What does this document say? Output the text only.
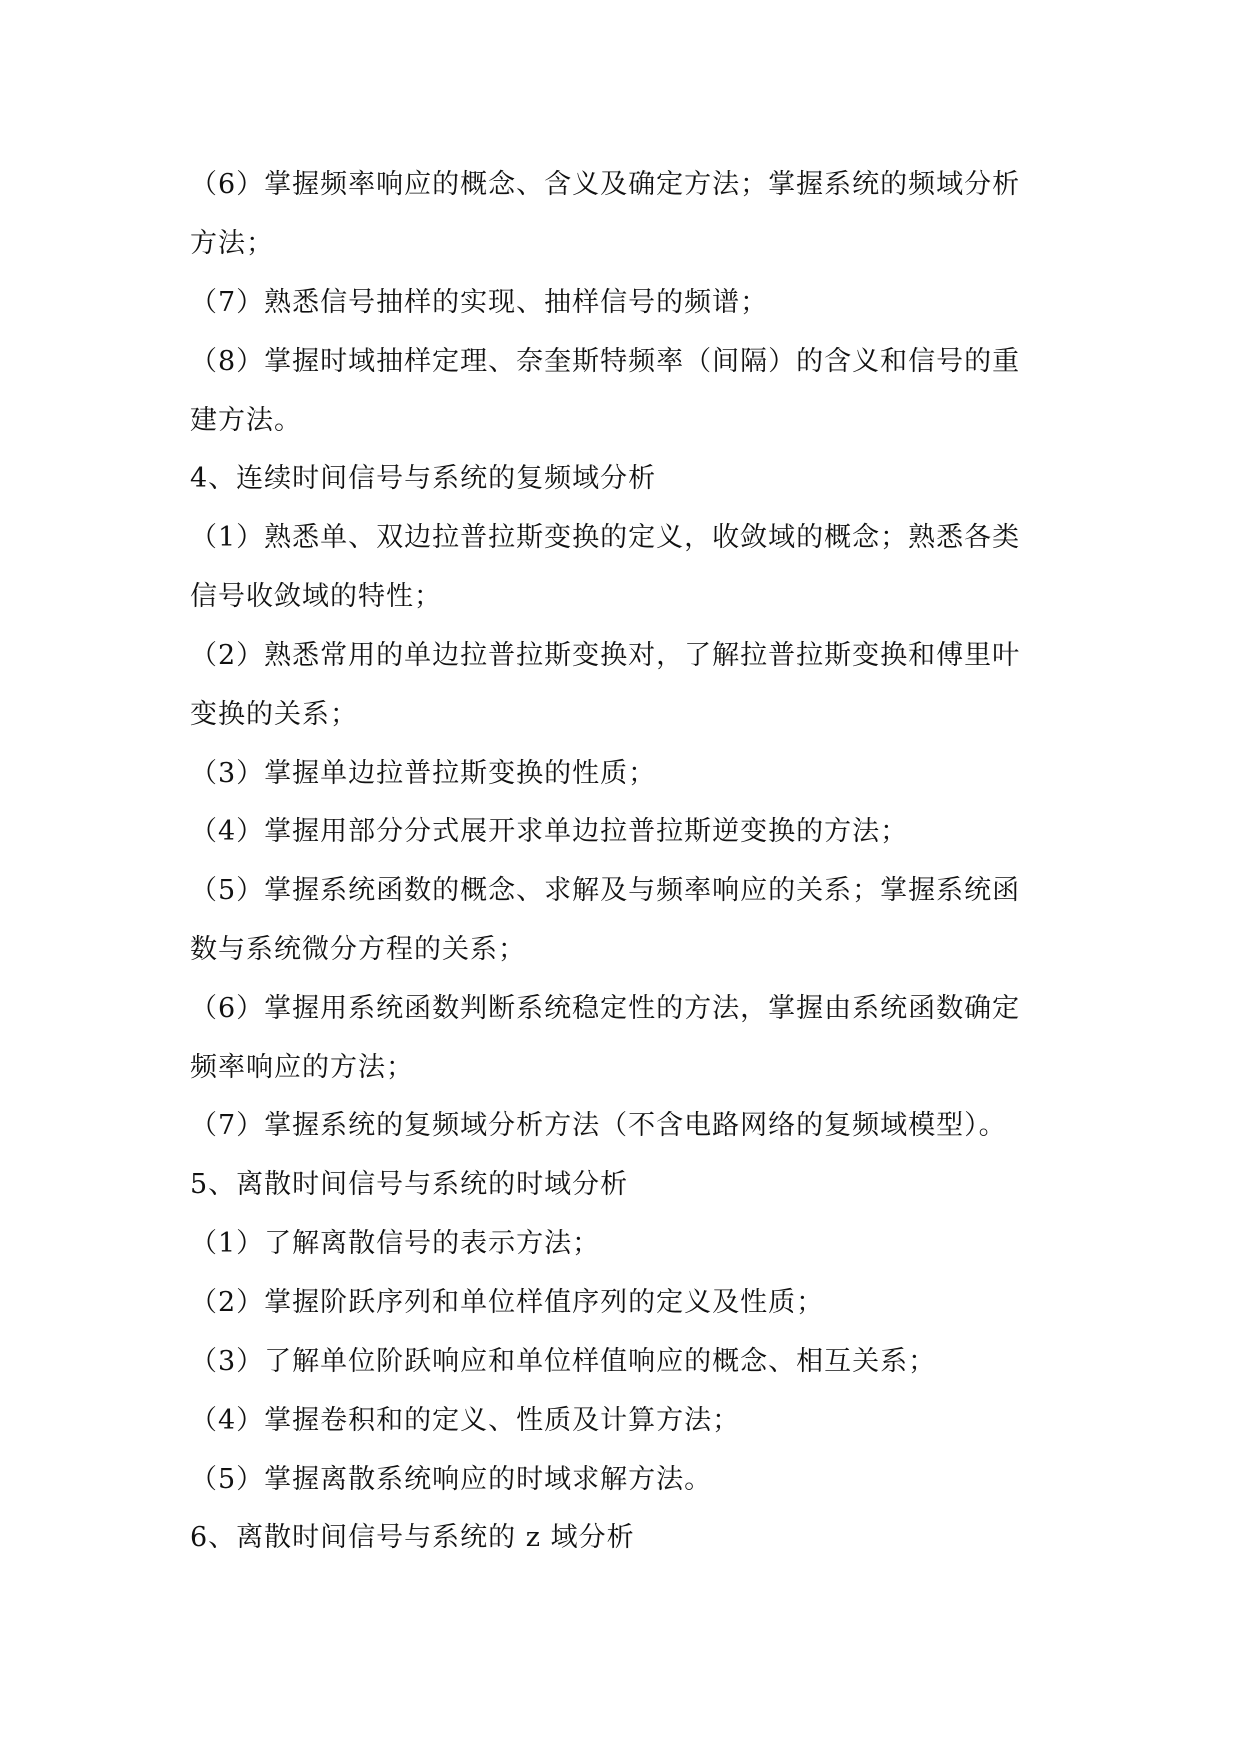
（6）掌握频率响应的概念、含义及确定方法；掌握系统的频域分析
方法；
（7）熟悉信号抽样的实现、抽样信号的频谱；
（8）掌握时域抽样定理、奈奎斯特频率（间隔）的含义和信号的重
建方法。
4、连续时间信号与系统的复频域分析
（1）熟悉单、双边拉普拉斯变换的定义，收敛域的概念；熟悉各类
信号收敛域的特性；
（2）熟悉常用的单边拉普拉斯变换对，了解拉普拉斯变换和傅里叶
变换的关系；
（3）掌握单边拉普拉斯变换的性质；
（4）掌握用部分分式展开求单边拉普拉斯逆变换的方法；
（5）掌握系统函数的概念、求解及与频率响应的关系；掌握系统函
数与系统微分方程的关系；
（6）掌握用系统函数判断系统稳定性的方法，掌握由系统函数确定
频率响应的方法；
（7）掌握系统的复频域分析方法（不含电路网络的复频域模型）。
5、离散时间信号与系统的时域分析
（1）了解离散信号的表示方法；
（2）掌握阶跃序列和单位样值序列的定义及性质；
（3）了解单位阶跃响应和单位样值响应的概念、相互关系；
（4）掌握卷积和的定义、性质及计算方法；
（5）掌握离散系统响应的时域求解方法。
6、离散时间信号与系统的 z 域分析
